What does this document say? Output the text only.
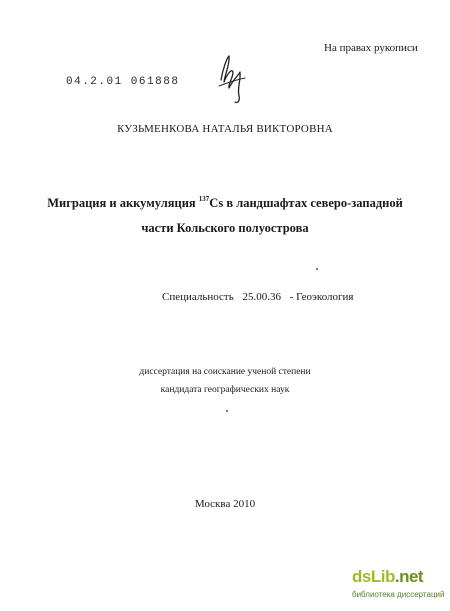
На правах рукописи
04.2.01 061888
КУЗЬМЕНКОВА НАТАЛЬЯ ВИКТОРОВНА
Миграция и аккумуляция $^{137}$Cs в ландшафтах северо-западной
части Кольского полуострова
Специальность 25.00.36 - Геоэкология
диссертация на соискание ученой степени
кандидата географических наук
Москва 2010
dsLib.net
библиотека диссертаций
